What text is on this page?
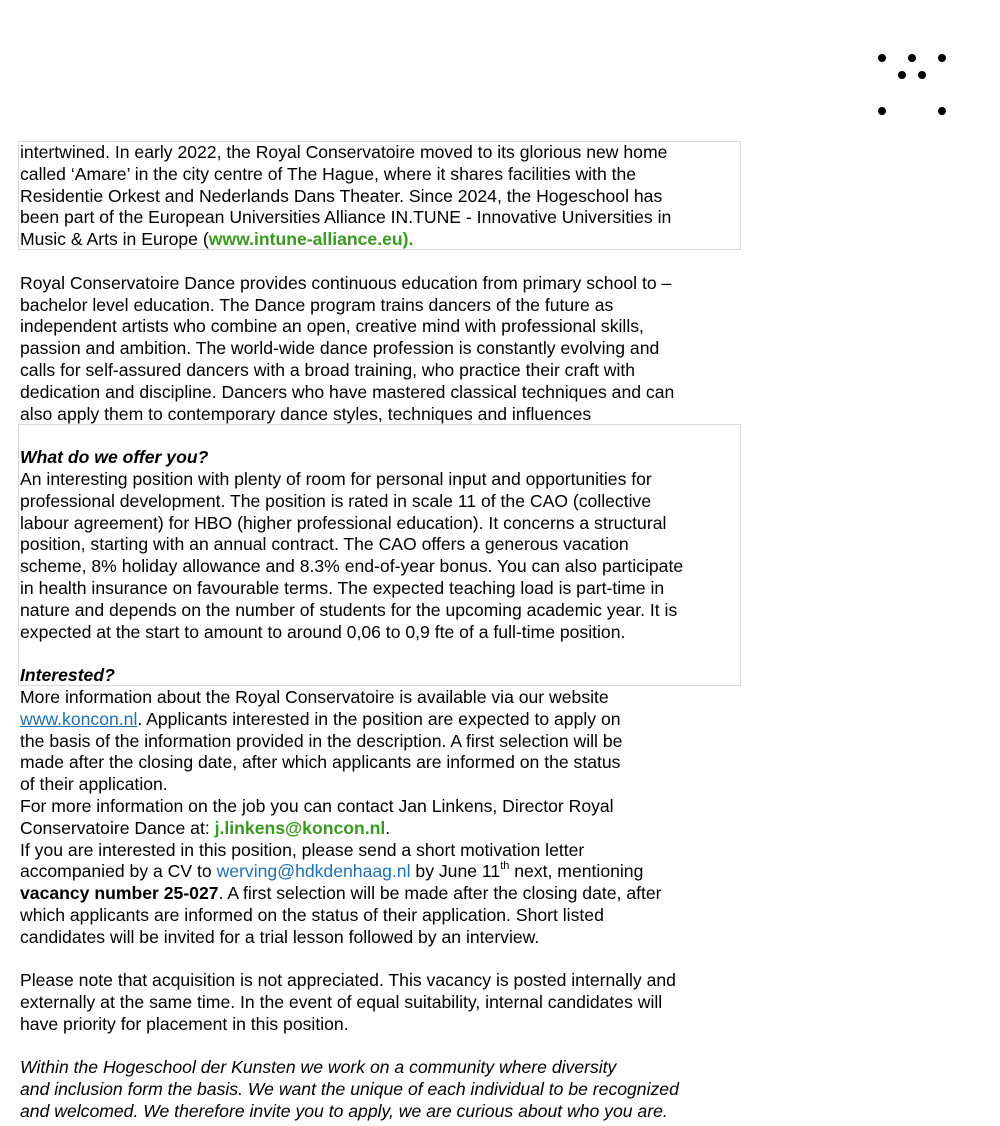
intertwined. In early 2022, the Royal Conservatoire moved to its glorious new home
called ‘Amare’ in the city centre of The Hague, where it shares facilities with the
Residentie Orkest and Nederlands Dans Theater. Since 2024, the Hogeschool has
been part of the European Universities Alliance IN.TUNE - Innovative Universities in
Music & Arts in Europe (www.intune-alliance.eu).
Royal Conservatoire Dance provides continuous education from primary school to –
bachelor level education. The Dance program trains dancers of the future as
independent artists who combine an open, creative mind with professional skills,
passion and ambition. The world-wide dance profession is constantly evolving and
calls for self-assured dancers with a broad training, who practice their craft with
dedication and discipline. Dancers who have mastered classical techniques and can
also apply them to contemporary dance styles, techniques and influences
What do we offer you?
An interesting position with plenty of room for personal input and opportunities for
professional development. The position is rated in scale 11 of the CAO (collective
labour agreement) for HBO (higher professional education). It concerns a structural
position, starting with an annual contract. The CAO offers a generous vacation
scheme, 8% holiday allowance and 8.3% end-of-year bonus. You can also participate
in health insurance on favourable terms. The expected teaching load is part-time in
nature and depends on the number of students for the upcoming academic year. It is
expected at the start to amount to around 0,06 to 0,9 fte of a full-time position.
Interested?
More information about the Royal Conservatoire is available via our website
www.koncon.nl. Applicants interested in the position are expected to apply on
the basis of the information provided in the description. A first selection will be
made after the closing date, after which applicants are informed on the status
of their application.
For more information on the job you can contact Jan Linkens, Director Royal
Conservatoire Dance at: j.linkens@koncon.nl.
If you are interested in this position, please send a short motivation letter
accompanied by a CV to werving@hdkdenhaag.nl by June 11th next, mentioning
vacancy number 25-027. A first selection will be made after the closing date, after
which applicants are informed on the status of their application. Short listed
candidates will be invited for a trial lesson followed by an interview.
Please note that acquisition is not appreciated. This vacancy is posted internally and
externally at the same time. In the event of equal suitability, internal candidates will
have priority for placement in this position.
Within the Hogeschool der Kunsten we work on a community where diversity
and inclusion form the basis. We want the unique of each individual to be recognized
and welcomed. We therefore invite you to apply, we are curious about who you are.
